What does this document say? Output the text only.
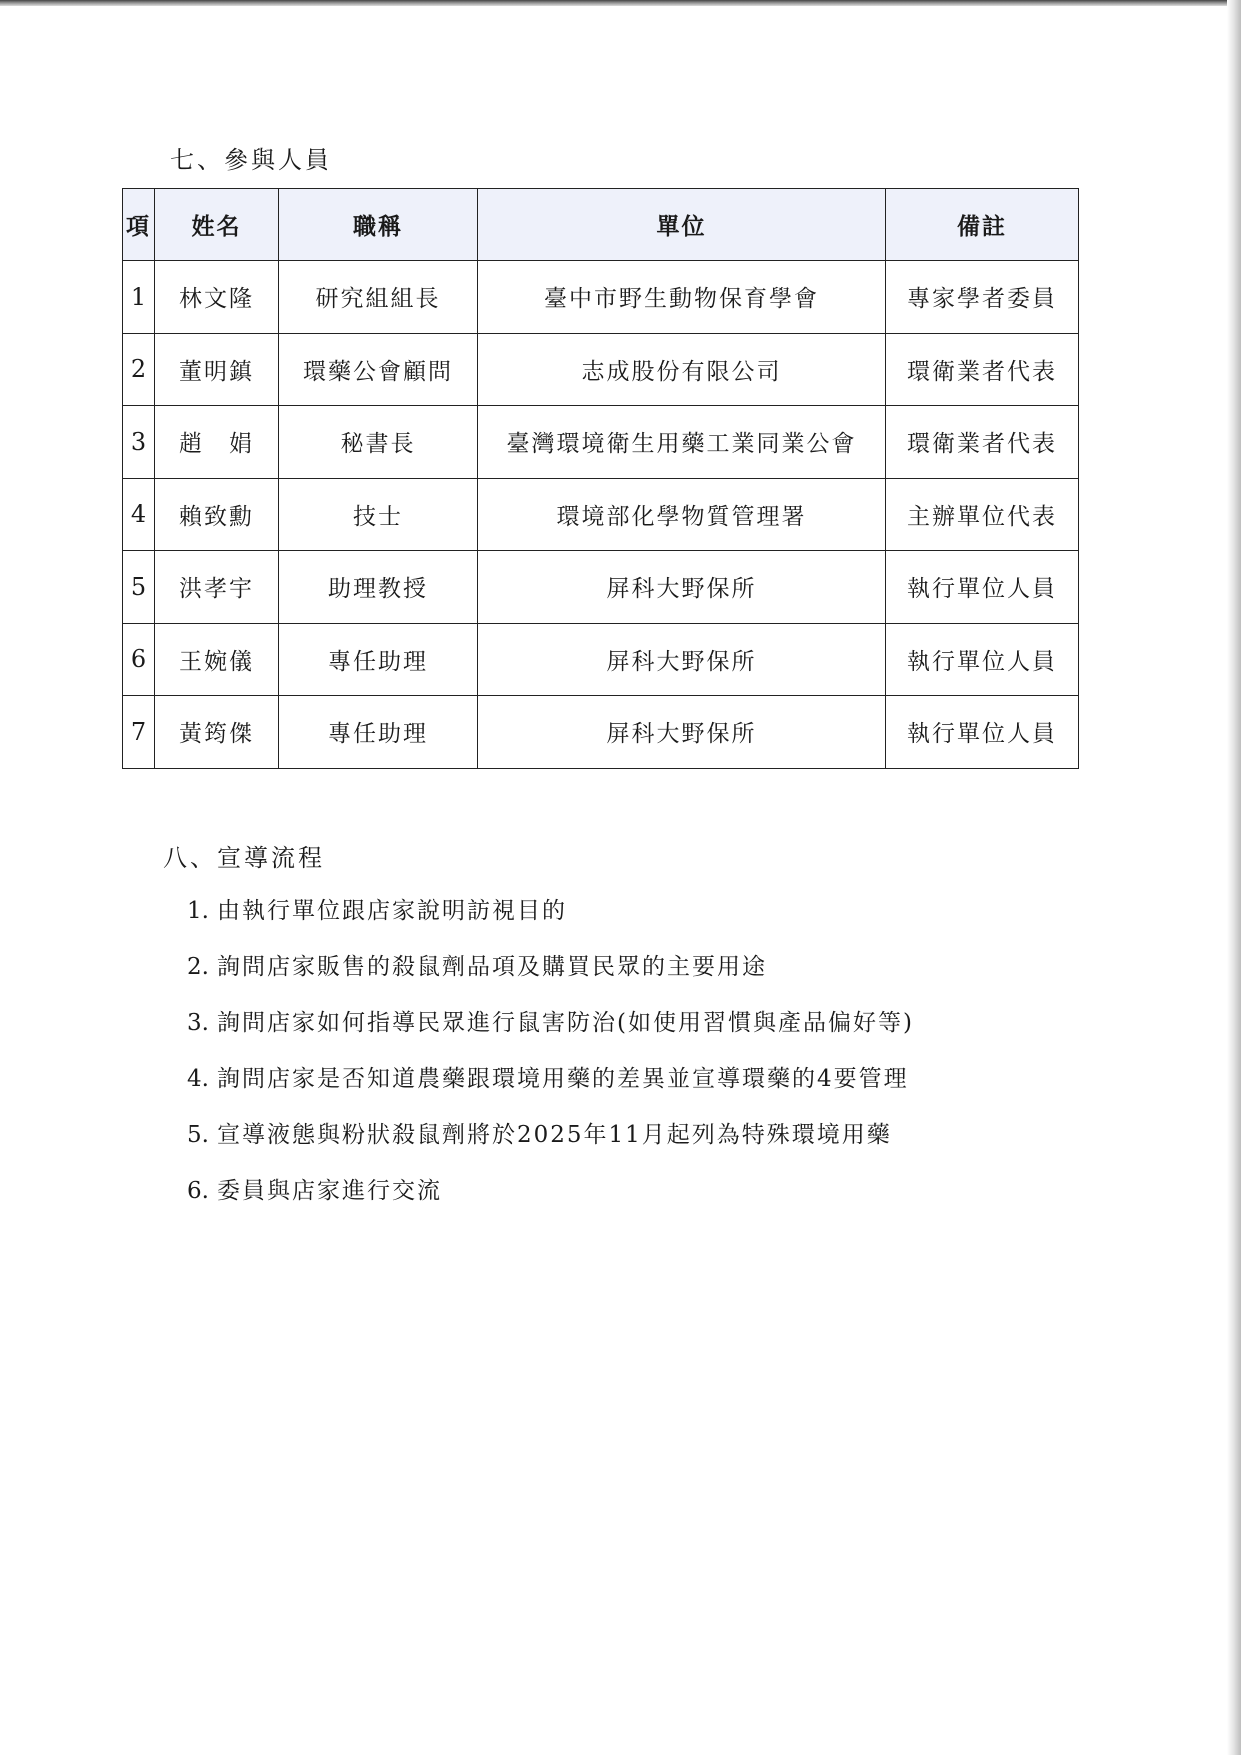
七、參與人員
項	姓名	職稱	單位	備註
1	林文隆	研究組組長	臺中市野生動物保育學會	專家學者委員
2	董明鎮	環藥公會顧問	志成股份有限公司	環衛業者代表
3	趙　娟	秘書長	臺灣環境衛生用藥工業同業公會	環衛業者代表
4	賴致勳	技士	環境部化學物質管理署	主辦單位代表
5	洪孝宇	助理教授	屏科大野保所	執行單位人員
6	王婉儀	專任助理	屏科大野保所	執行單位人員
7	黃筠傑	專任助理	屏科大野保所	執行單位人員
八、宣導流程
1. 由執行單位跟店家說明訪視目的
2. 詢問店家販售的殺鼠劑品項及購買民眾的主要用途
3. 詢問店家如何指導民眾進行鼠害防治(如使用習慣與產品偏好等)
4. 詢問店家是否知道農藥跟環境用藥的差異並宣導環藥的4要管理
5. 宣導液態與粉狀殺鼠劑將於2025年11月起列為特殊環境用藥
6. 委員與店家進行交流
